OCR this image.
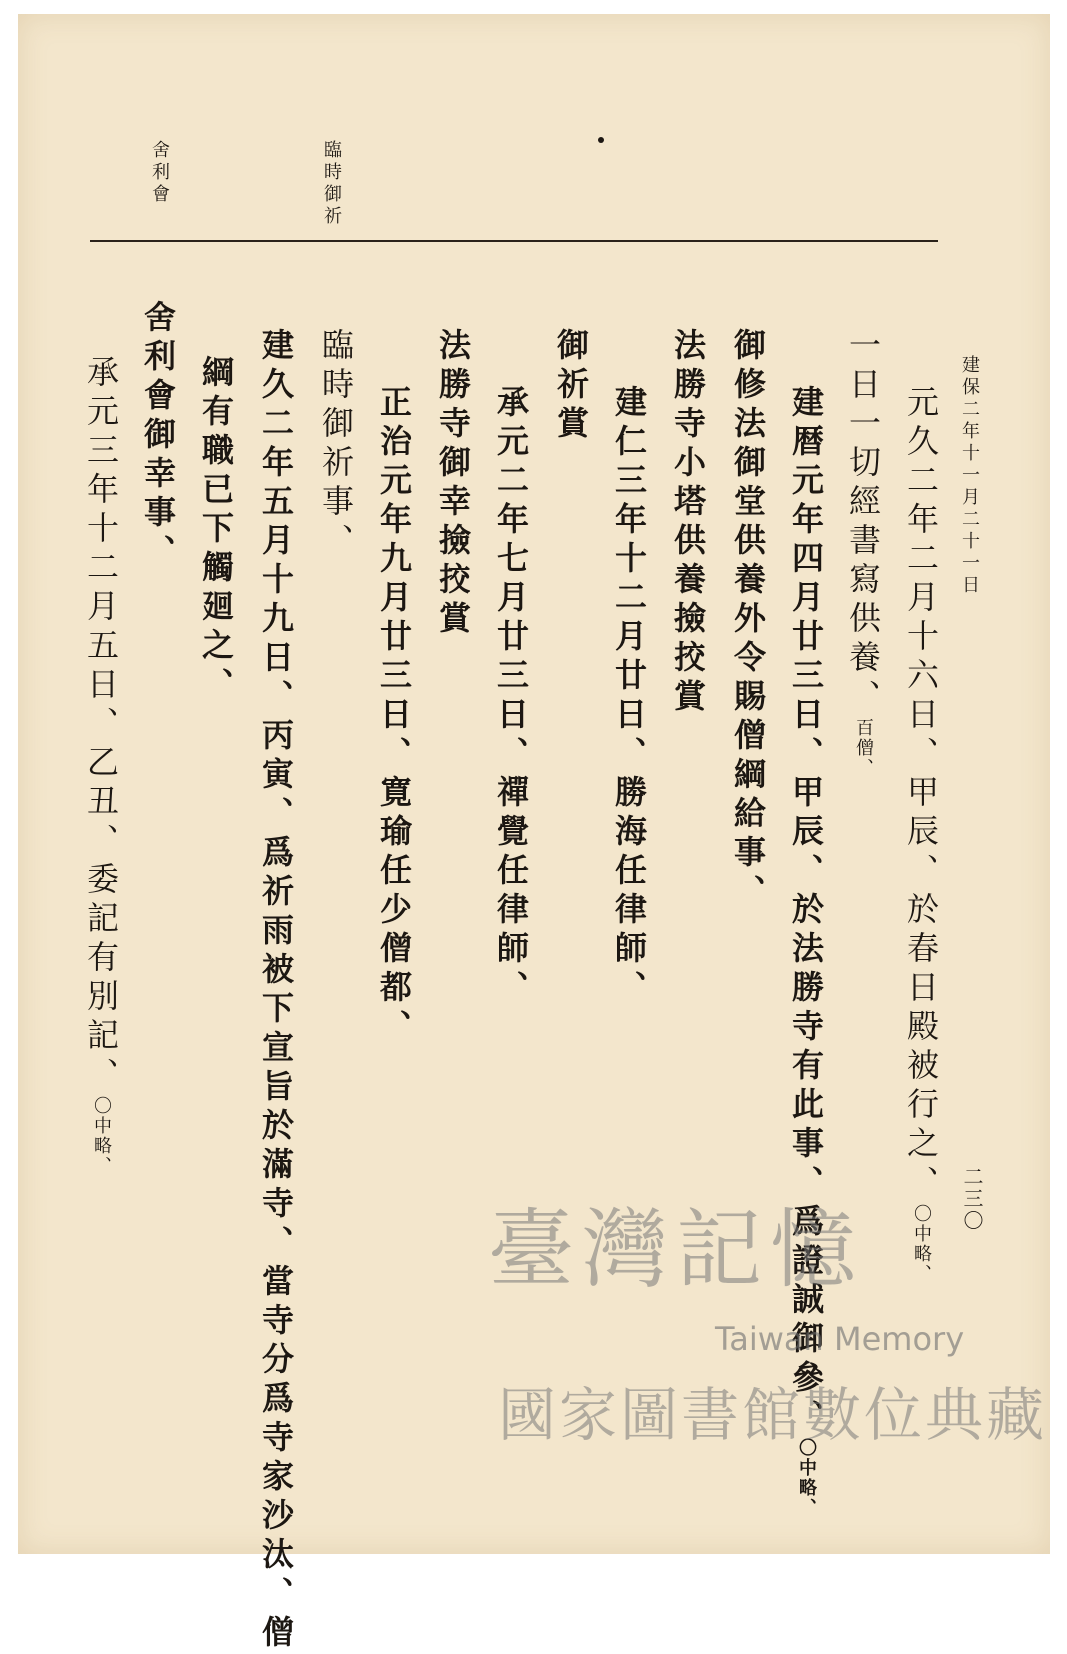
建保二年十一月二十一日
臨時御祈
舍利會
元久二年二月十六日、甲辰、於春日殿被行之、〇中略、
一日一切經書寫供養、百僧、
建暦元年四月廿三日、甲辰、於法勝寺有此事、爲證誠御參、〇中略、
御修法御堂供養外令賜僧綱給事、
法勝寺小塔供養撿挍賞
建仁三年十二月廿日、勝海任律師、
御祈賞
承元二年七月廿三日、禪覺任律師、
法勝寺御幸撿挍賞
正治元年九月廿三日、寛瑜任少僧都、
臨時御祈事、
建久二年五月十九日、丙寅、爲祈雨被下宣旨於滿寺、當寺分爲寺家沙汰、僧
綱有職已下觸廻之、
舍利會御幸事、
承元三年十二月五日、乙丑、委記有別記、〇中略、
二三〇
臺灣記憶
Taiwan Memory
國家圖書館數位典藏
